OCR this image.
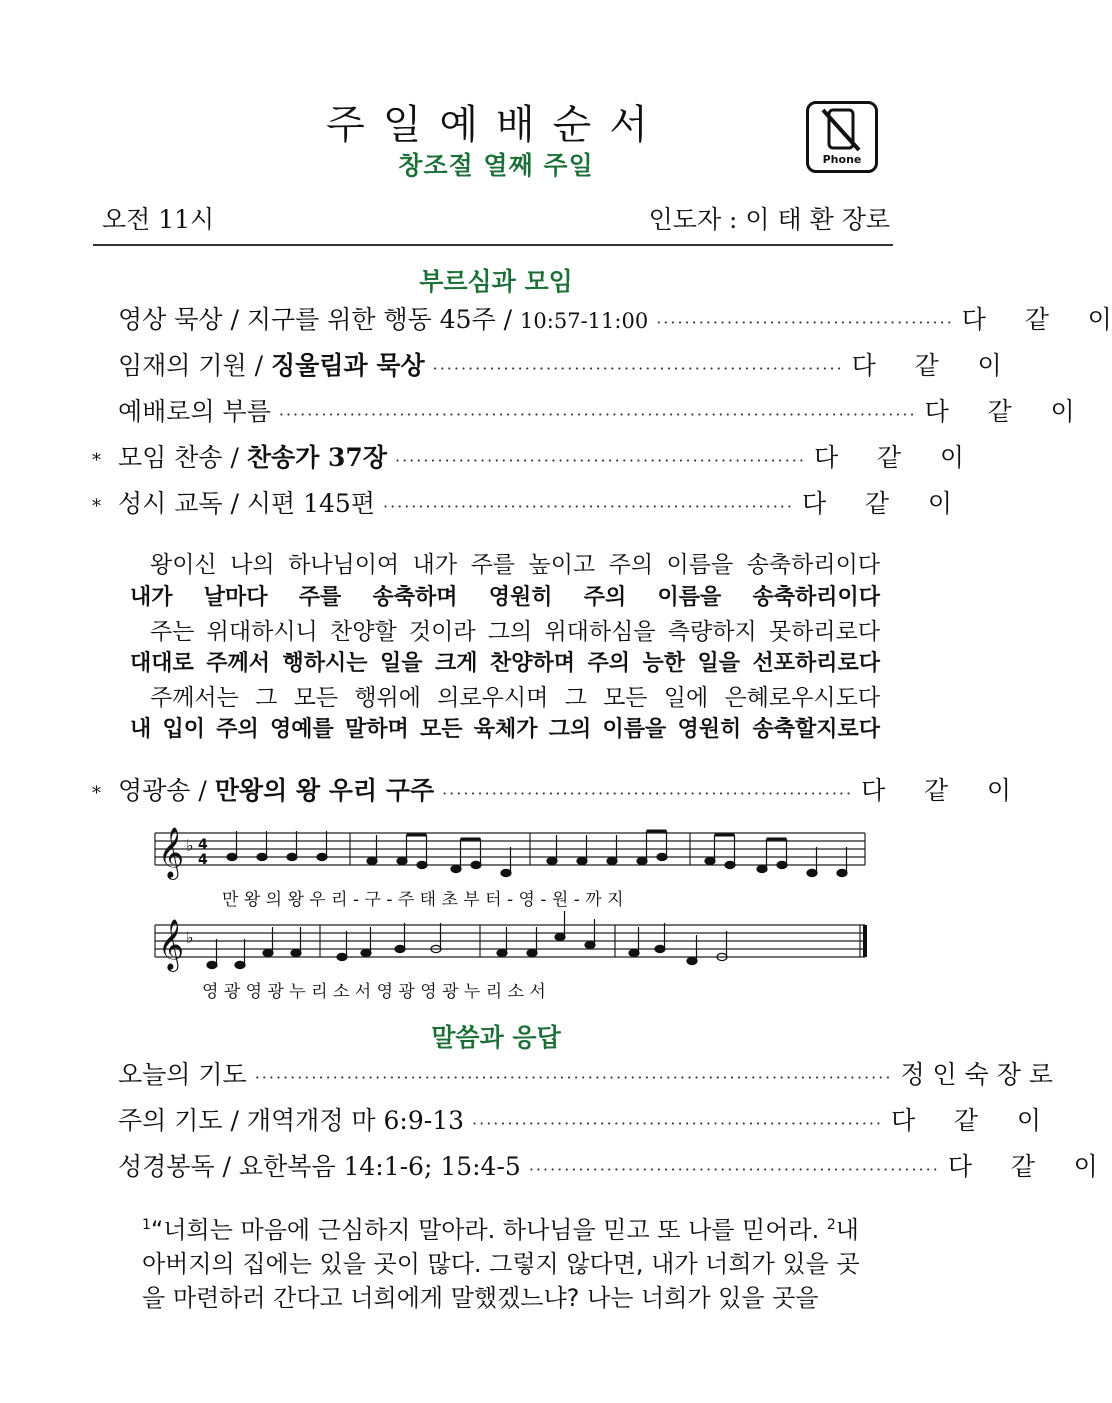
주일예배순서
창조절 열째 주일	Phone
오전 11시	인도자 : 이 태 환 장로
부르심과 모임
영상 묵상 / 지구를 위한 행동 45주 / 10:57-11:00 ·········································· 다 같 이
임재의 기원 / 징울림과 묵상 ·························································· 다 같 이
예배로의 부름 ·························································································· 다 같 이
* 모임 찬송 / 찬송가 37장 ·························································· 다 같 이
* 성시 교독 / 시편 145편 ·························································· 다 같 이
왕이신 나의 하나님이여 내가 주를 높이고 주의 이름을 송축하리이다
내가 날마다 주를 송축하며 영원히 주의 이름을 송축하리이다
주는 위대하시니 찬양할 것이라 그의 위대하심을 측량하지 못하리로다
대대로 주께서 행하시는 일을 크게 찬양하며 주의 능한 일을 선포하리로다
주께서는 그 모든 행위에 의로우시며 그 모든 일에 은혜로우시도다
내 입이 주의 영예를 말하며 모든 육체가 그의 이름을 영원히 송축할지로다
* 영광송 / 만왕의 왕 우리 구주 ·························································· 다 같 이
𝄞
𝄞
♭
♭
4
4
만 왕 의 왕 우 리 - 구 - 주 태 초 부 터 - 영 - 원 - 까 지
영 광 영 광 누 리 소 서 영 광 영 광 누 리 소 서
말씀과 응답
오늘의 기도 ·························································································· 정 인 숙 장 로
주의 기도 / 개역개정 마 6:9-13 ·························································· 다 같 이
성경봉독 / 요한복음 14:1-6; 15:4-5 ·························································· 다 같 이
$^1$“너희는 마음에 근심하지 말아라. 하나님을 믿고 또 나를 믿어라. $^2$내 아버지의 집에는 있을 곳이 많다. 그렇지 않다면, 내가 너희가 있을 곳을 마련하러 간다고 너희에게 말했겠느냐? 나는 너희가 있을 곳을
